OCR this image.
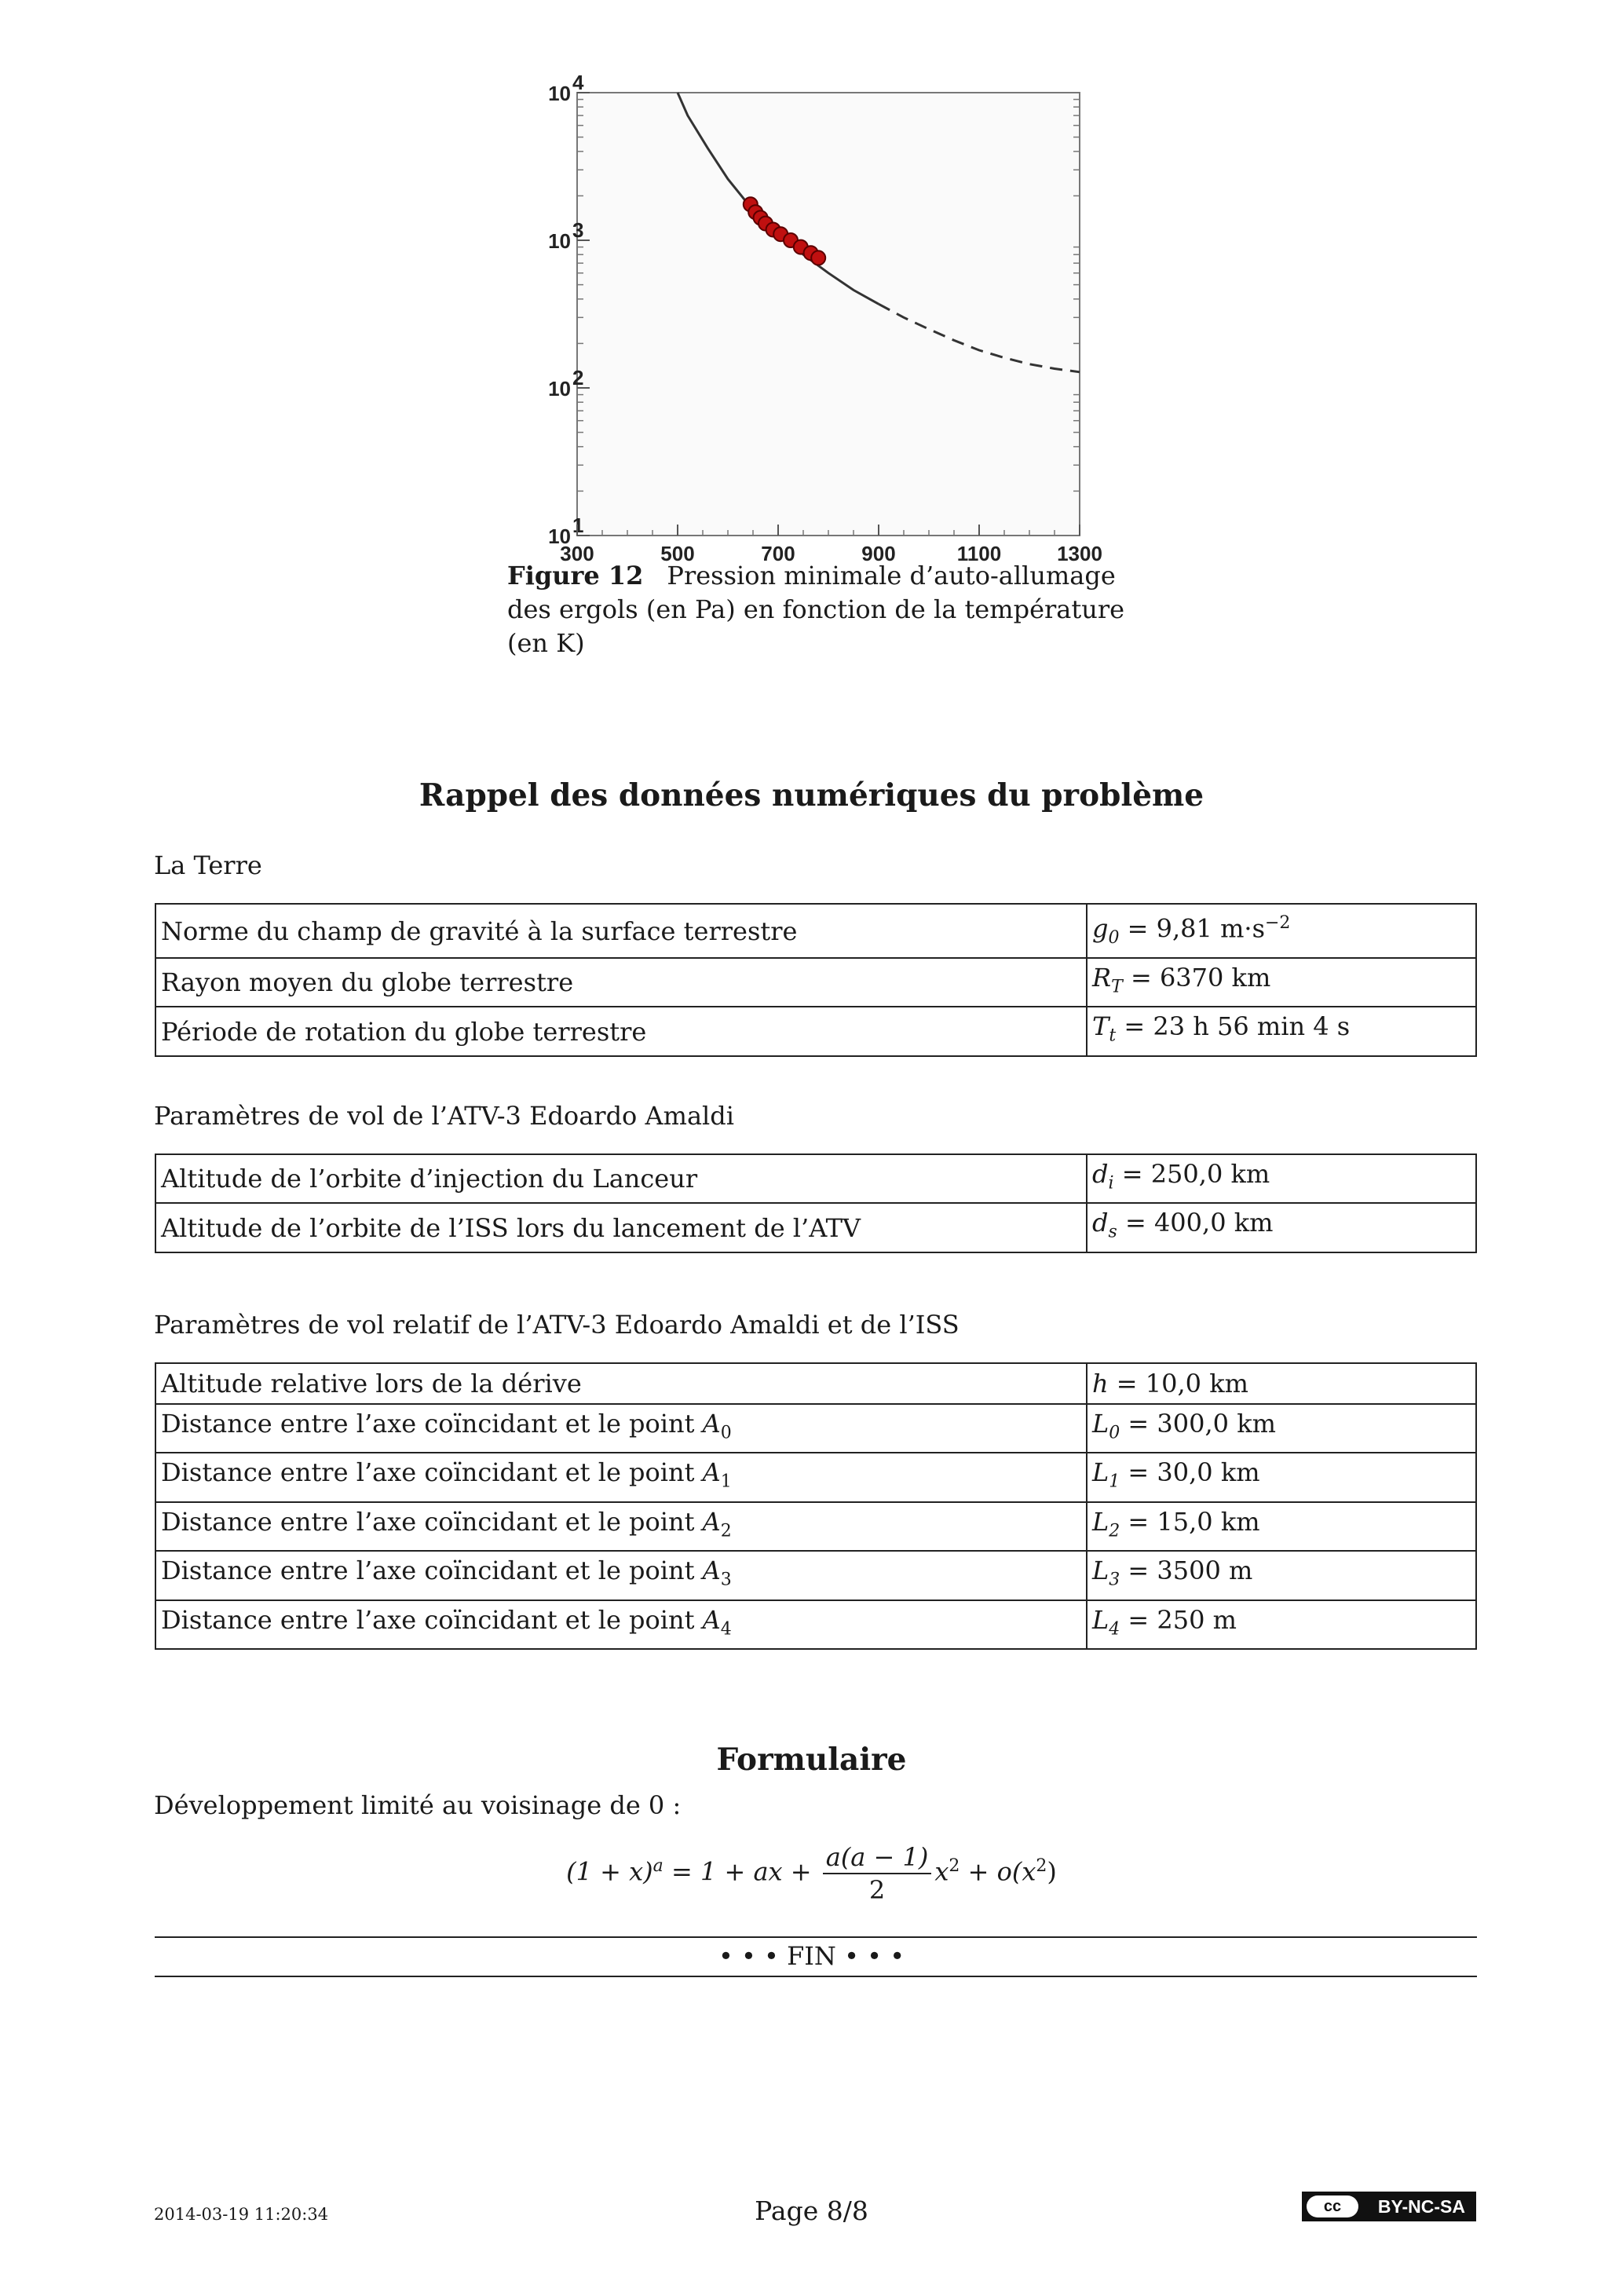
10 1
10 2
10 3
10 4
300	500	700	900	1100	1300
Figure 12 Pression minimale d’auto-allumage des ergols (en Pa) en fonction de la température (en K)
Rappel des données numériques du problème
La Terre
Norme du champ de gravité à la surface terrestre	$g_0 = 9,81$ $m\cdot s^{-2}$
Rayon moyen du globe terrestre	$R_T = 6370$ km
Période de rotation du globe terrestre	$T_t = 23$ h 56 min 4 s
Paramètres de vol de l’ATV-3 Edoardo Amaldi
Altitude de l’orbite d’injection du Lanceur	$d_i = 250,0$ km
Altitude de l’orbite de l’ISS lors du lancement de l’ATV	$d_s = 400,0$ km
Paramètres de vol relatif de l’ATV-3 Edoardo Amaldi et de l’ISS
Altitude relative lors de la dérive	h = 10,0 km
Distance entre l’axe coïncidant et le point $A_0$	$L_0 = 300,0$ km
Distance entre l’axe coïncidant et le point $A_1$	$L_1 = 30,0$ km
Distance entre l’axe coïncidant et le point $A_2$	$L_2 = 15,0$ km
Distance entre l’axe coïncidant et le point $A_3$	$L_3 = 3500$ m
Distance entre l’axe coïncidant et le point $A_4$	$L_4 = 250$ m
Formulaire
Développement limité au voisinage de 0 :
$(1 + x)^a = 1$ + ax + $\frac{a(a - 1)}{2} x^2 + o(x^2)$
• • • FIN • • •
2014-03-19 11:20:34	Page 8/8	cc	BY-NC-SA
